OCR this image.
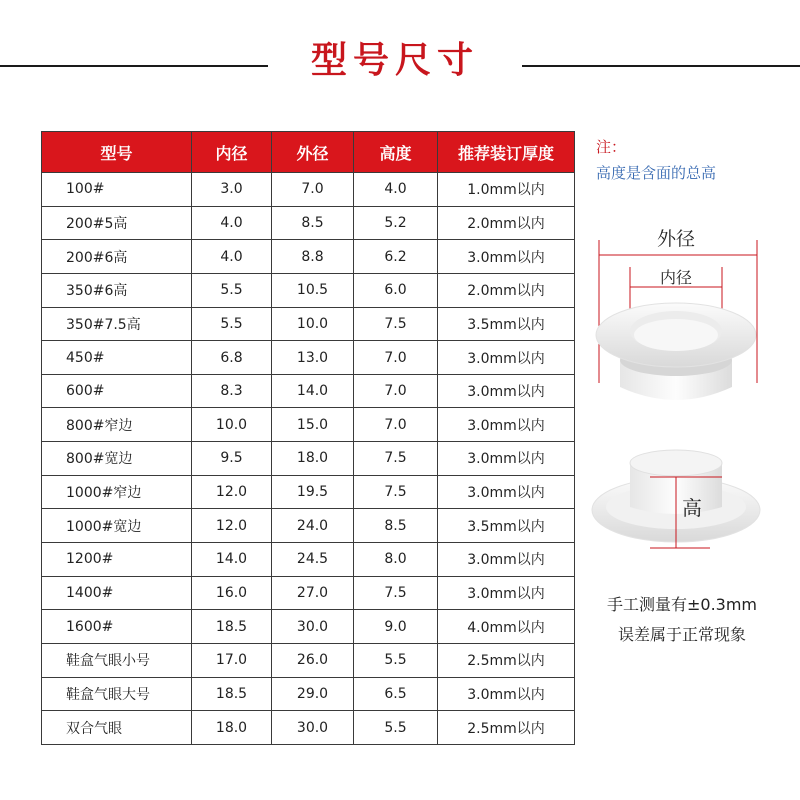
型号尺寸
型号	内径	外径	高度	推荐装订厚度
100#	3.0	7.0	4.0	1.0mm以内
200#5高	4.0	8.5	5.2	2.0mm以内
200#6高	4.0	8.8	6.2	3.0mm以内
350#6高	5.5	10.5	6.0	2.0mm以内
350#7.5高	5.5	10.0	7.5	3.5mm以内
450#	6.8	13.0	7.0	3.0mm以内
600#	8.3	14.0	7.0	3.0mm以内
800#窄边	10.0	15.0	7.0	3.0mm以内
800#宽边	9.5	18.0	7.5	3.0mm以内
1000#窄边	12.0	19.5	7.5	3.0mm以内
1000#宽边	12.0	24.0	8.5	3.5mm以内
1200#	14.0	24.5	8.0	3.0mm以内
1400#	16.0	27.0	7.5	3.0mm以内
1600#	18.5	30.0	9.0	4.0mm以内
鞋盒气眼小号	17.0	26.0	5.5	2.5mm以内
鞋盒气眼大号	18.5	29.0	6.5	3.0mm以内
双合气眼	18.0	30.0	5.5	2.5mm以内
注：
高度是含面的总高
外径
内径
高
手工测量有±0.3mm
误差属于正常现象
